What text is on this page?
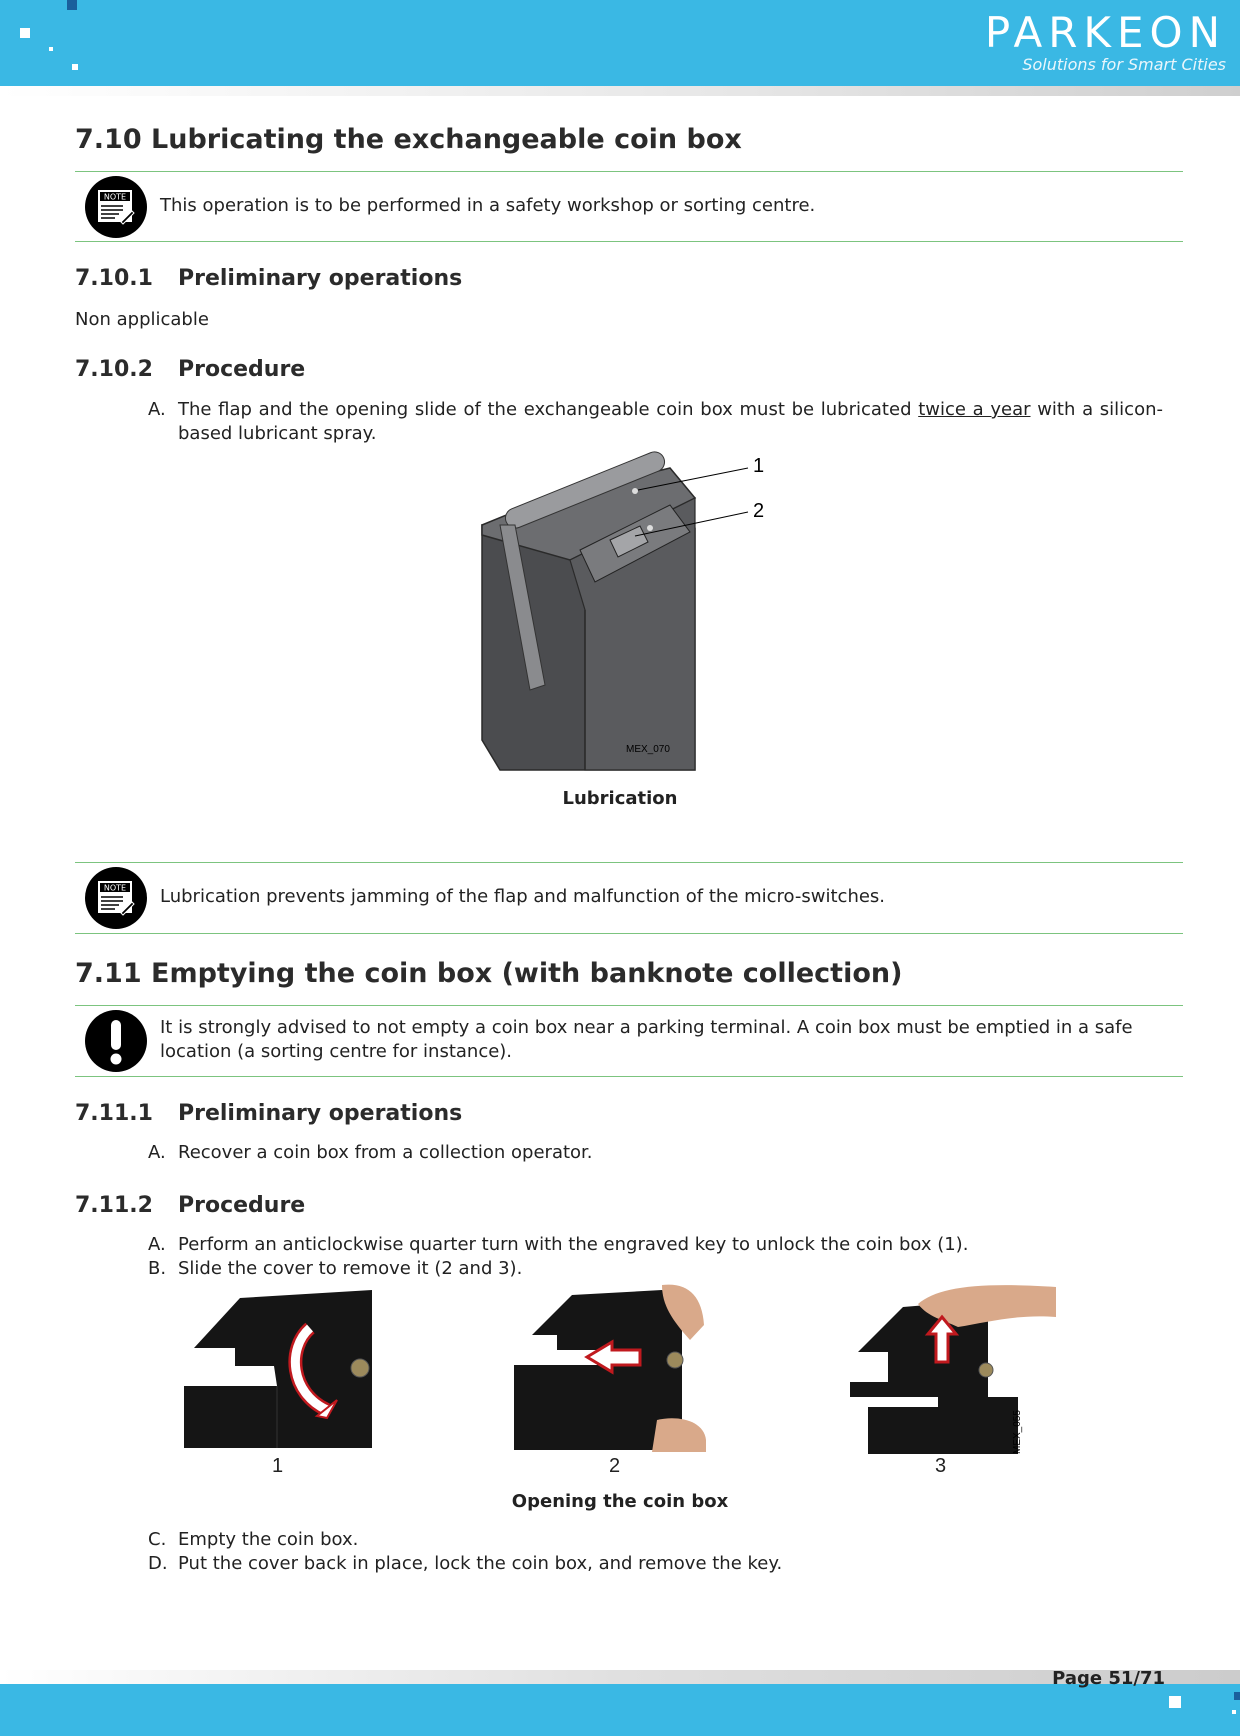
PARKEON
Solutions for Smart Cities
7.10 Lubricating the exchangeable coin box
NOTE This operation is to be performed in a safety workshop or sorting centre.
7.10.1 Preliminary operations
Non applicable
7.10.2 Procedure
A. The flap and the opening slide of the exchangeable coin box must be lubricated twice a year with a silicon-based lubricant spray.
1
2
MEX_070
Lubrication
NOTE Lubrication prevents jamming of the flap and malfunction of the micro-switches.
7.11 Emptying the coin box (with banknote collection)
It is strongly advised to not empty a coin box near a parking terminal. A coin box must be emptied in a safe location (a sorting centre for instance).
7.11.1 Preliminary operations
A. Recover a coin box from a collection operator.
7.11.2 Procedure
A. Perform an anticlockwise quarter turn with the engraved key to unlock the coin box (1).
B. Slide the cover to remove it (2 and 3).
1	2
MEX_055
3
Opening the coin box
C. Empty the coin box.
D. Put the cover back in place, lock the coin box, and remove the key.
Page 51/71
